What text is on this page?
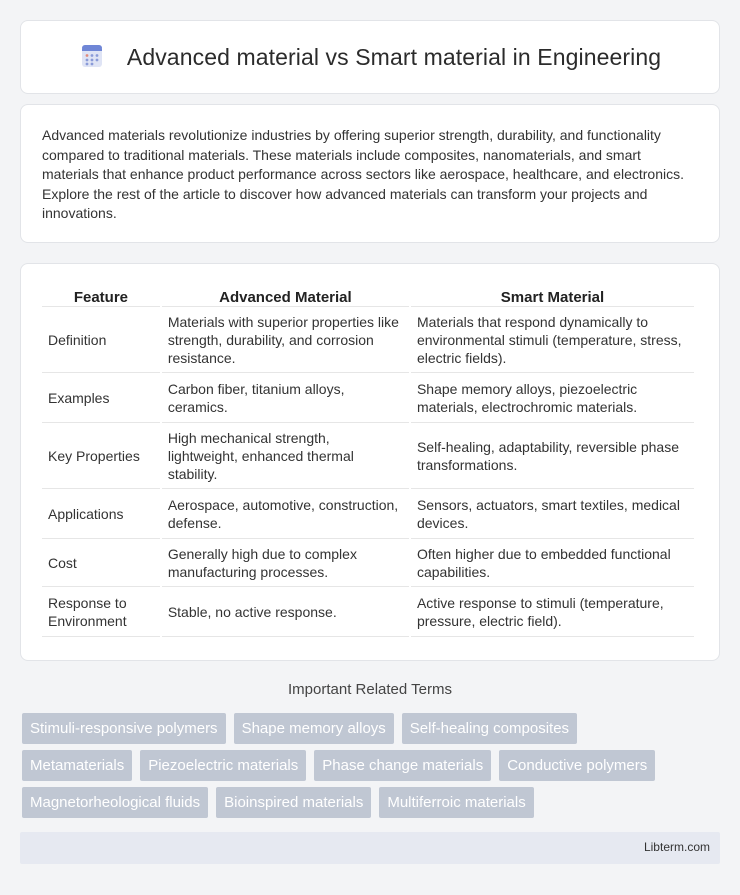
Advanced material vs Smart material in Engineering

Advanced materials revolutionize industries by offering superior strength, durability, and functionality compared to traditional materials. These materials include composites, nanomaterials, and smart materials that enhance product performance across sectors like aerospace, healthcare, and electronics. Explore the rest of the article to discover how advanced materials can transform your projects and innovations.

Feature	Advanced Material	Smart Material
Definition	Materials with superior properties like strength, durability, and corrosion resistance.	Materials that respond dynamically to environmental stimuli (temperature, stress, electric fields).
Examples	Carbon fiber, titanium alloys, ceramics.	Shape memory alloys, piezoelectric materials, electrochromic materials.
Key Properties	High mechanical strength, lightweight, enhanced thermal stability.	Self-healing, adaptability, reversible phase transformations.
Applications	Aerospace, automotive, construction, defense.	Sensors, actuators, smart textiles, medical devices.
Cost	Generally high due to complex manufacturing processes.	Often higher due to embedded functional capabilities.
Response to Environment	Stable, no active response.	Active response to stimuli (temperature, pressure, electric field).
Important Related Terms
Stimuli-responsive polymers	Shape memory alloys	Self-healing composites
Metamaterials	Piezoelectric materials	Phase change materials	Conductive polymers
Magnetorheological fluids	Bioinspired materials	Multiferroic materials
Libterm.com
